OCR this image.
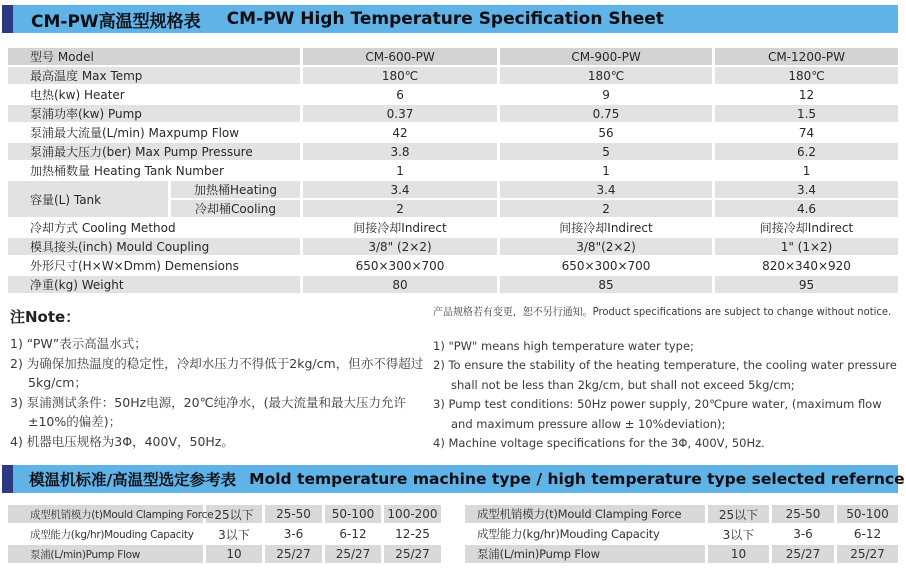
CM-PW高温型规格表 CM-PW High Temperature Specification Sheet
型号 Model		CM-600-PW	CM-900-PW	CM-1200-PW
最高温度 Max Temp		180℃	180℃	180℃
电热(kw) Heater		6	9	12
泵浦功率(kw) Pump		0.37	0.75	1.5
泵浦最大流量(L/min) Maxpump Flow		42	56	74
泵浦最大压力(ber) Max Pump Pressure		3.8	5	6.2
加热桶数量 Heating Tank Number		1	1	1
容量(L) Tank	加热桶Heating	3.4	3.4	3.4
	冷却桶Cooling	2	2	4.6
冷却方式 Cooling Method		间接冷却Indirect	间接冷却Indirect	间接冷却Indirect
模具接头(inch) Mould Coupling		3/8" (2×2)	3/8"(2×2)	1" (1×2)
外形尺寸(H×W×Dmm) Demensions		650×300×700	650×300×700	820×340×920
净重(kg) Weight		80	85	95
注Note：
1) “PW”表示高温水式；
2) 为确保加热温度的稳定性，冷却水压力不得低于2kg/cm，但亦不得超过5kg/cm；
3) 泵浦测试条件：50Hz电源，20℃纯净水，(最大流量和最大压力允许±10%的偏差)；
4) 机器电压规格为3Φ，400V，50Hz。
产品规格若有变更，恕不另行通知。Product specifications are subject to change without notice.
1) "PW" means high temperature water type;
2) To ensure the stability of the heating temperature, the cooling water pressure shall not be less than 2kg/cm, but shall not exceed 5kg/cm;
3) Pump test conditions: 50Hz power supply, 20℃pure water, (maximum flow and maximum pressure allow ± 10%deviation);
4) Machine voltage specifications for the 3Φ, 400V, 50Hz.
模温机标准/高温型选定参考表 Mold temperature machine type / high temperature type selected refernce
成型机销模力(t)Mould Clamping Force	25以下	25-50	50-100	100-200
成型能力(kg/hr)Mouding Capacity	3以下	3-6	6-12	12-25
泵浦(L/min)Pump Flow	10	25/27	25/27	25/27
成型机销模力(t)Mould Clamping Force	25以下	25-50	50-100
成型能力(kg/hr)Mouding Capacity	3以下	3-6	6-12
泵浦(L/min)Pump Flow	10	25/27	25/27
